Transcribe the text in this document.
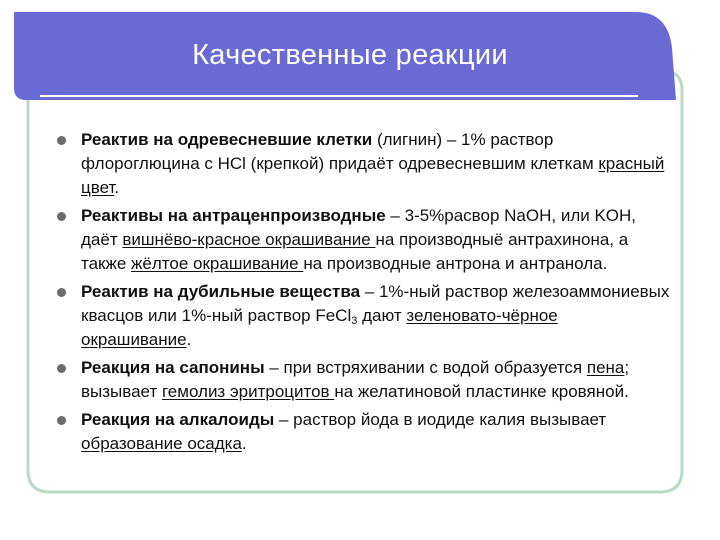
Качественные реакции
Реактив на одревесневшие клетки (лигнин) – 1% раствор флороглюцина с HCl (крепкой) придаёт одревесневшим клеткам красный цвет.
Реактивы на антраценпроизводные – 3-5%расвор NaOH, или KOH, даёт вишнёво-красное окрашивание на производныё антрахинона, а также жёлтое окрашивание на производные антрона и антранола.
Реактив на дубильные вещества – 1%-ный раствор железоаммониевых квасцов или 1%-ный раствор FeCl$_3$ дают зеленовато-чёрное окрашивание.
Реакция на сапонины – при встряхивании с водой образуется пена; вызывает гемолиз эритроцитов на желатиновой пластинке кровяной.
Реакция на алкалоиды – раствор йода в иодиде калия вызывает образование осадка.
